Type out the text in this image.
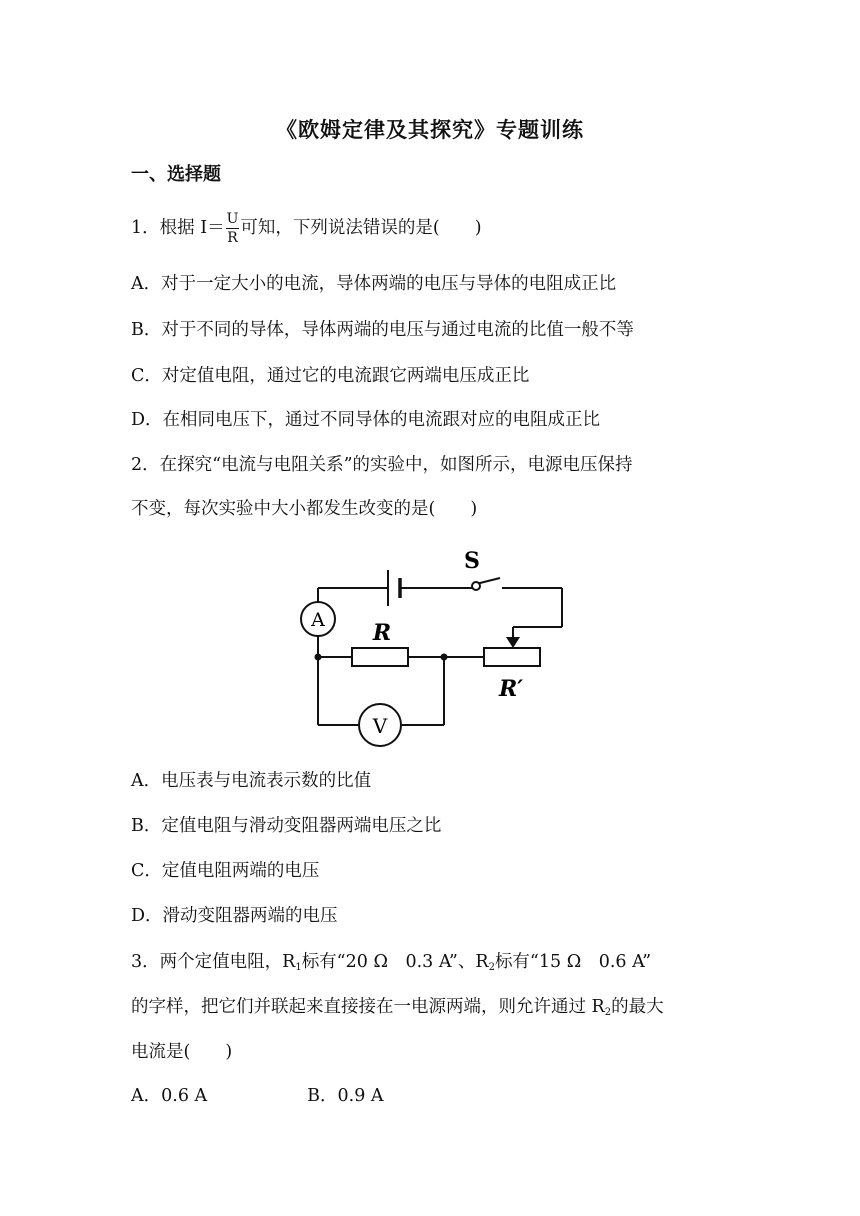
《欧姆定律及其探究》专题训练
一、选择题
1．根据 $I= \frac{U}{R}$ 可知，下列说法错误的是(　　)
A．对于一定大小的电流，导体两端的电压与导体的电阻成正比
B．对于不同的导体，导体两端的电压与通过电流的比值一般不等
C．对定值电阻，通过它的电流跟它两端电压成正比
D．在相同电压下，通过不同导体的电流跟对应的电阻成正比
2．在探究“电流与电阻关系”的实验中，如图所示，电源电压保持
不变，每次实验中大小都发生改变的是(　　)
S
A
V
R
R′
A．电压表与电流表示数的比值
B．定值电阻与滑动变阻器两端电压之比
C．定值电阻两端的电压
D．滑动变阻器两端的电压
3．两个定值电阻，$R_1$标有“20 Ω　0.3 A”、$R_2$标有“15 Ω　0.6 A”
的字样，把它们并联起来直接接在一电源两端，则允许通过 $R_2$的最大
电流是(　　)
A．0.6 A	B．0.9 A
